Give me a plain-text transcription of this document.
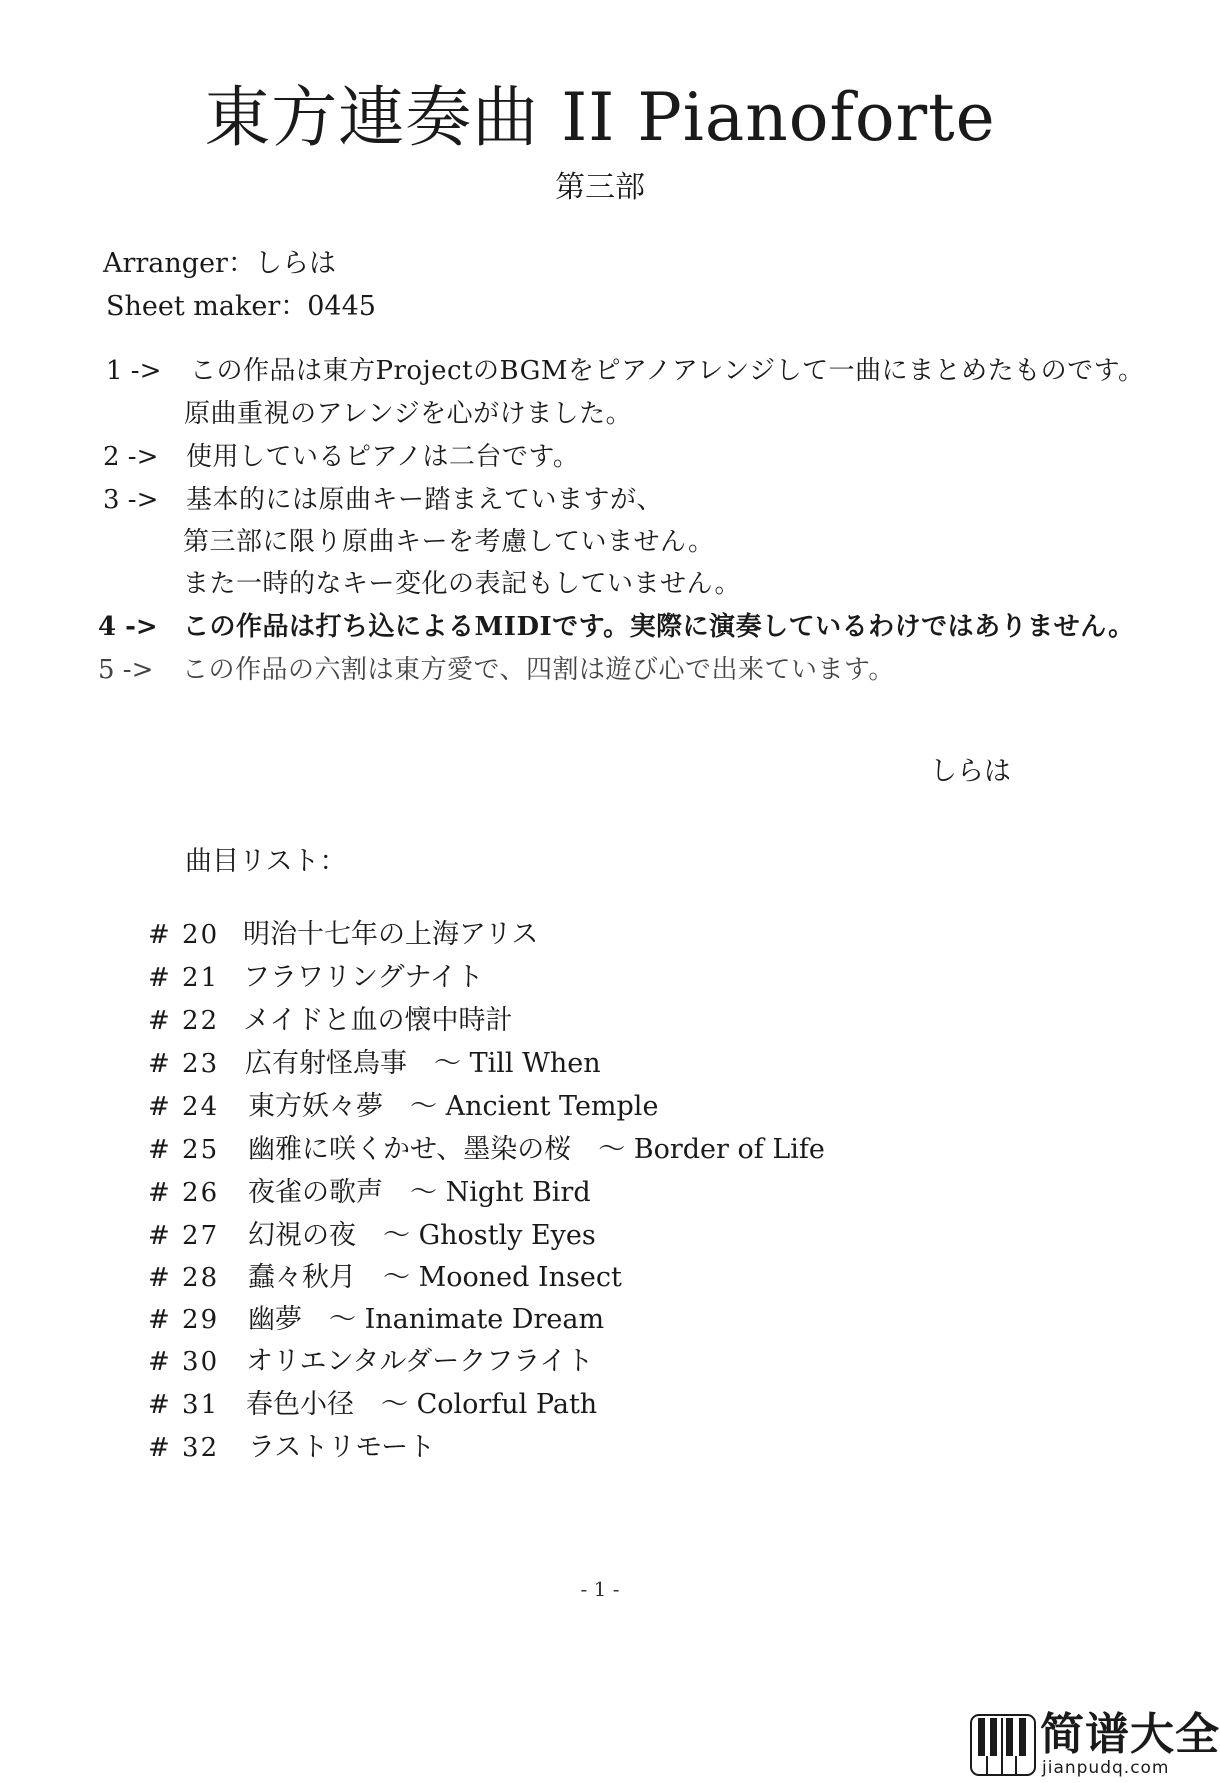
東方連奏曲 II Pianoforte
第三部
Arranger：しらは
Sheet maker：0445
1 -> この作品は東方ProjectのBGMをピアノアレンジして一曲にまとめたものです。
原曲重視のアレンジを心がけました。
2 -> 使用しているピアノは二台です。
3 -> 基本的には原曲キー踏まえていますが、
第三部に限り原曲キーを考慮していません。
また一時的なキー変化の表記もしていません。
4 -> この作品は打ち込によるMIDIです。実際に演奏しているわけではありません。
5 -> この作品の六割は東方愛で、四割は遊び心で出来ています。
しらは
曲目リスト：
# 20 明治十七年の上海アリス
# 21 フラワリングナイト
# 22 メイドと血の懐中時計
# 23 広有射怪鳥事　～ Till When
# 24 東方妖々夢　～ Ancient Temple
# 25 幽雅に咲くかせ、墨染の桜　～ Border of Life
# 26 夜雀の歌声　～ Night Bird
# 27 幻視の夜　～ Ghostly Eyes
# 28 蠢々秋月　～ Mooned Insect
# 29 幽夢　～ Inanimate Dream
# 30 オリエンタルダークフライト
# 31 春色小径　～ Colorful Path
# 32 ラストリモート
- 1 -
简谱大全
jianpudq.com
